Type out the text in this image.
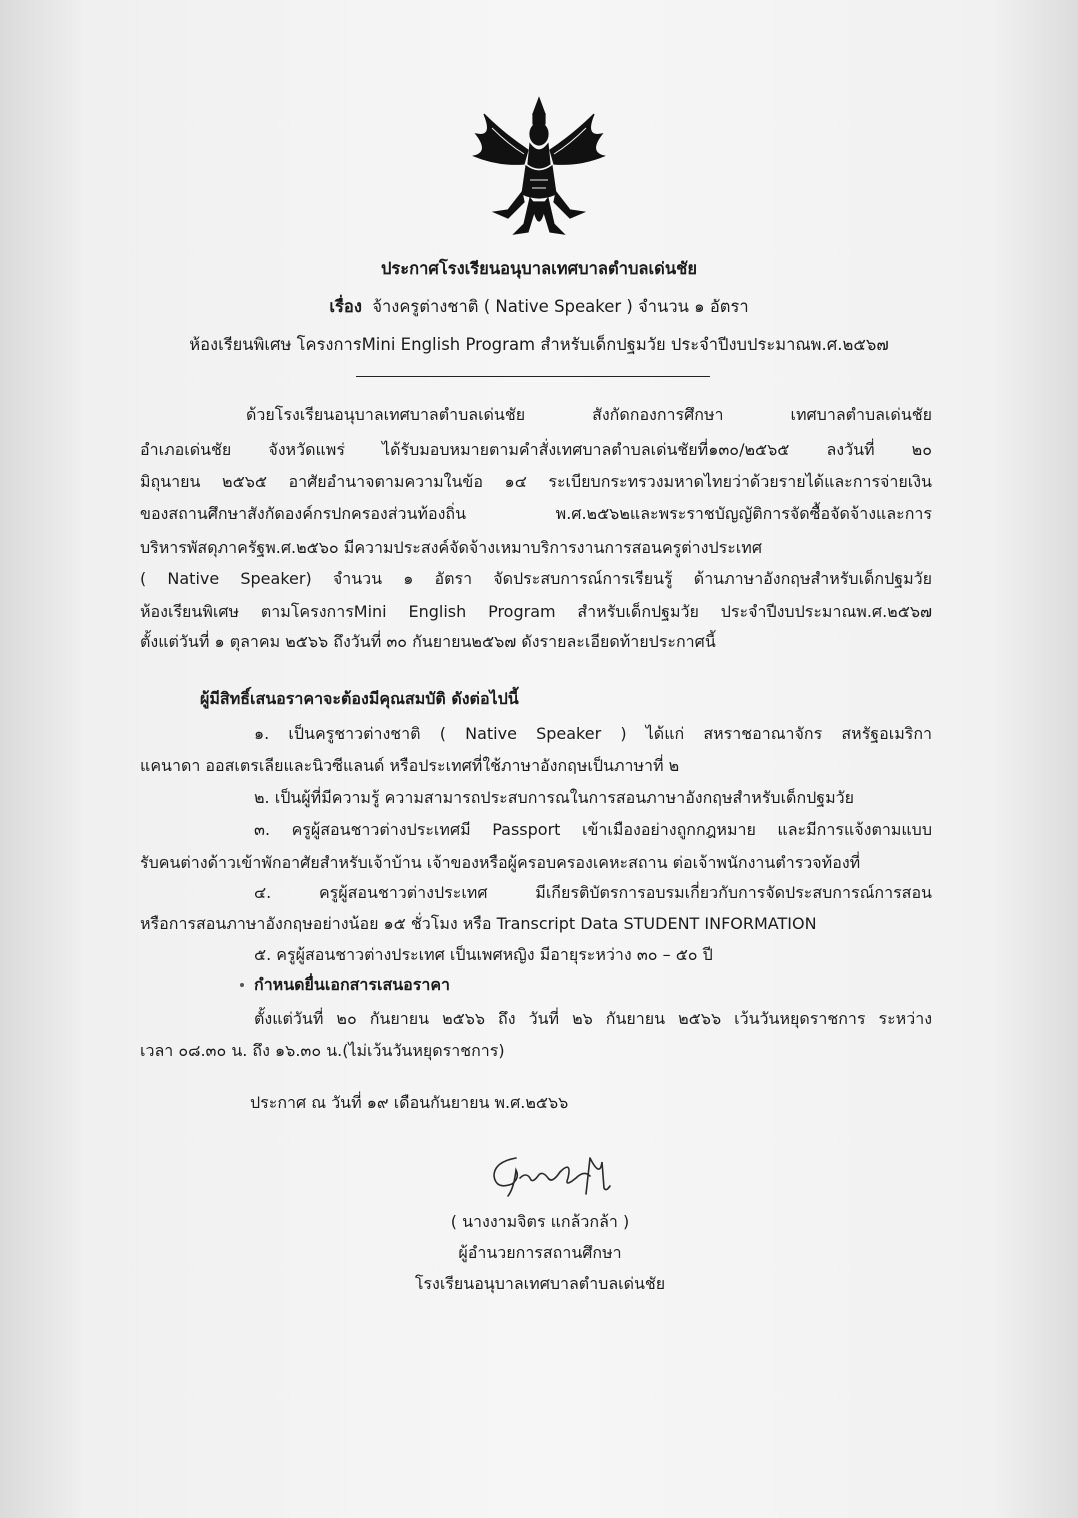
ประกาศโรงเรียนอนุบาลเทศบาลตำบลเด่นชัย
เรื่อง จ้างครูต่างชาติ ( Native Speaker ) จำนวน ๑ อัตรา
ห้องเรียนพิเศษ โครงการMini English Program สำหรับเด็กปฐมวัย ประจำปีงบประมาณพ.ศ.๒๕๖๗
ด้วยโรงเรียนอนุบาลเทศบาลตำบลเด่นชัย สังกัดกองการศึกษา เทศบาลตำบลเด่นชัย
อำเภอเด่นชัย จังหวัดแพร่ ได้รับมอบหมายตามคำสั่งเทศบาลตำบลเด่นชัยที่๑๓๐/๒๕๖๕ ลงวันที่ ๒๐
มิถุนายน ๒๕๖๕ อาศัยอำนาจตามความในข้อ ๑๔ ระเบียบกระทรวงมหาดไทยว่าด้วยรายได้และการจ่ายเงิน
ของสถานศึกษาสังกัดองค์กรปกครองส่วนท้องถิ่น พ.ศ.๒๕๖๒และพระราชบัญญัติการจัดซื้อจัดจ้างและการ
บริหารพัสดุภาครัฐพ.ศ.๒๕๖๐ มีความประสงค์จัดจ้างเหมาบริการงานการสอนครูต่างประเทศ
( Native Speaker) จำนวน ๑ อัตรา จัดประสบการณ์การเรียนรู้ ด้านภาษาอังกฤษสำหรับเด็กปฐมวัย
ห้องเรียนพิเศษ ตามโครงการMini English Program สำหรับเด็กปฐมวัย ประจำปีงบประมาณพ.ศ.๒๕๖๗
ตั้งแต่วันที่ ๑ ตุลาคม ๒๕๖๖ ถึงวันที่ ๓๐ กันยายน๒๕๖๗ ดังรายละเอียดท้ายประกาศนี้
ผู้มีสิทธิ์เสนอราคาจะต้องมีคุณสมบัติ ดังต่อไปนี้
๑. เป็นครูชาวต่างชาติ ( Native Speaker ) ได้แก่ สหราชอาณาจักร สหรัฐอเมริกา
แคนาดา ออสเตรเลียและนิวซีแลนด์ หรือประเทศที่ใช้ภาษาอังกฤษเป็นภาษาที่ ๒
๒. เป็นผู้ที่มีความรู้ ความสามารถประสบการณในการสอนภาษาอังกฤษสำหรับเด็กปฐมวัย
๓. ครูผู้สอนชาวต่างประเทศมี Passport เข้าเมืองอย่างถูกกฎหมาย และมีการแจ้งตามแบบ
รับคนต่างด้าวเข้าพักอาศัยสำหรับเจ้าบ้าน เจ้าของหรือผู้ครอบครองเคหะสถาน ต่อเจ้าพนักงานตำรวจท้องที่
๔. ครูผู้สอนชาวต่างประเทศ มีเกียรติบัตรการอบรมเกี่ยวกับการจัดประสบการณ์การสอน
หรือการสอนภาษาอังกฤษอย่างน้อย ๑๕ ชั่วโมง หรือ Transcript Data STUDENT INFORMATION
๕. ครูผู้สอนชาวต่างประเทศ เป็นเพศหญิง มีอายุระหว่าง ๓๐ – ๕๐ ปี
กำหนดยื่นเอกสารเสนอราคา
ตั้งแต่วันที่ ๒๐ กันยายน ๒๕๖๖ ถึง วันที่ ๒๖ กันยายน ๒๕๖๖ เว้นวันหยุดราชการ ระหว่าง
เวลา ๐๘.๓๐ น. ถึง ๑๖.๓๐ น.(ไม่เว้นวันหยุดราชการ)
ประกาศ ณ วันที่ ๑๙ เดือนกันยายน พ.ศ.๒๕๖๖
( นางงามจิตร แกล้วกล้า )
ผู้อำนวยการสถานศึกษา
โรงเรียนอนุบาลเทศบาลตำบลเด่นชัย
